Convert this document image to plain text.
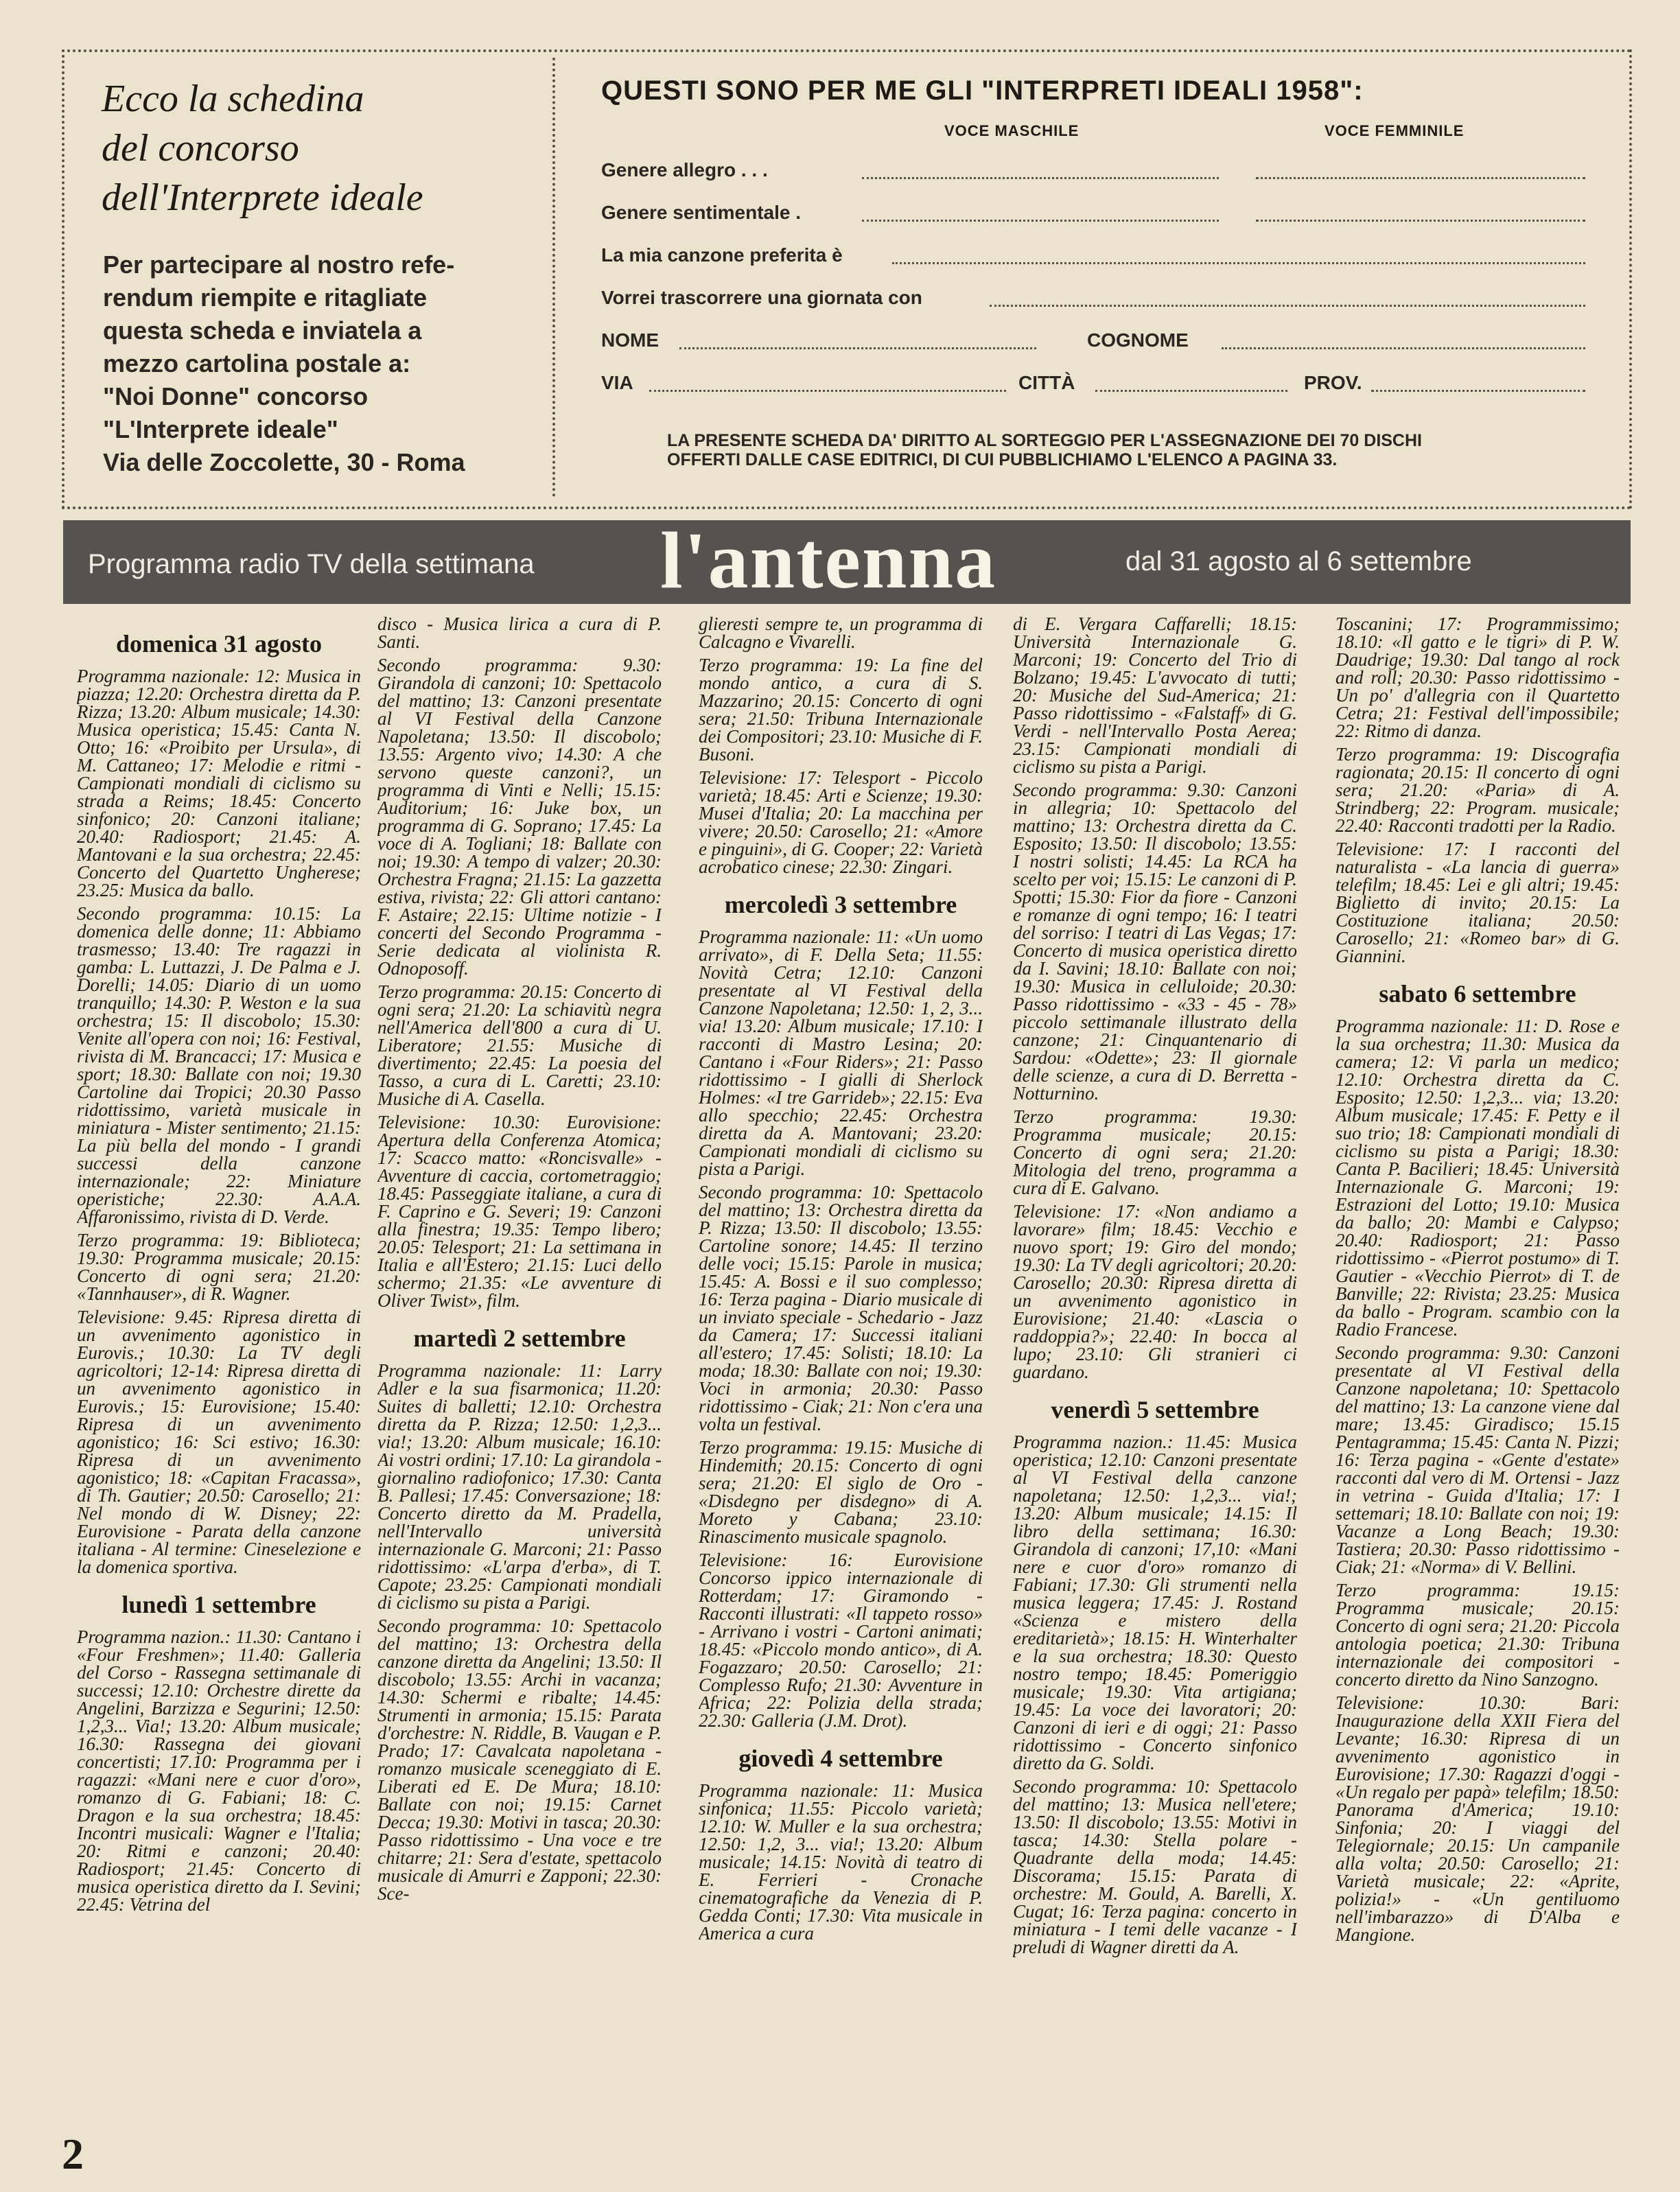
Ecco la schedina

del concorso

dell'Interprete ideale

Per partecipare al nostro refe-
rendum riempite e ritagliate
questa scheda e inviatela a
mezzo cartolina postale a:
"Noi Donne" concorso
"L'Interprete ideale"
Via delle Zoccolette, 30 - Roma
QUESTI SONO PER ME GLI "INTERPRETI IDEALI 1958":
VOCE MASCHILE	VOCE FEMMINILE
Genere allegro . . .
Genere sentimentale .
La mia canzone preferita è
Vorrei trascorrere una giornata con
NOME	COGNOME
VIA	CITTÀ	PROV.
LA PRESENTE SCHEDA DA' DIRITTO AL SORTEGGIO PER L'ASSEGNAZIONE DEI 70 DISCHI
OFFERTI DALLE CASE EDITRICI, DI CUI PUBBLICHIAMO L'ELENCO A PAGINA 33.
Programma radio TV della settimana l'antenna	dal 31 agosto al 6 settembre
domenica 31 agosto

Programma nazionale: 12: Musica in piazza; 12.20: Orchestra diretta da P. Rizza; 13.20: Album musicale; 14.30: Musica operistica; 15.45: Canta N. Otto; 16: «Proibito per Ursula», di M. Cattaneo; 17: Melodie e ritmi - Campionati mondiali di ciclismo su strada a Reims; 18.45: Concerto sinfonico; 20: Canzoni italiane; 20.40: Radiosport; 21.45: A. Mantovani e la sua orchestra; 22.45: Concerto del Quartetto Ungherese; 23.25: Musica da ballo.

Secondo programma: 10.15: La domenica delle donne; 11: Abbiamo trasmesso; 13.40: Tre ragazzi in gamba: L. Luttazzi, J. De Palma e J. Dorelli; 14.05: Diario di un uomo tranquillo; 14.30: P. Weston e la sua orchestra; 15: Il discobolo; 15.30: Venite all'opera con noi; 16: Festival, rivista di M. Brancacci; 17: Musica e sport; 18.30: Ballate con noi; 19.30 Cartoline dai Tropici; 20.30 Passo ridottissimo, varietà musicale in miniatura - Mister sentimento; 21.15: La più bella del mondo - I grandi successi della canzone internazionale; 22: Miniature operistiche; 22.30: A.A.A. Affaronissimo, rivista di D. Verde.

Terzo programma: 19: Biblioteca; 19.30: Programma musicale; 20.15: Concerto di ogni sera; 21.20: «Tannhauser», di R. Wagner.

Televisione: 9.45: Ripresa diretta di un avvenimento agonistico in Eurovis.; 10.30: La TV degli agricoltori; 12-14: Ripresa diretta di un avvenimento agonistico in Eurovis.; 15: Eurovisione; 15.40: Ripresa di un avvenimento agonistico; 16: Sci estivo; 16.30: Ripresa di un avvenimento agonistico; 18: «Capitan Fracassa», di Th. Gautier; 20.50: Carosello; 21: Nel mondo di W. Disney; 22: Eurovisione - Parata della canzone italiana - Al termine: Cineselezione e la domenica sportiva.

lunedì 1 settembre

Programma nazion.: 11.30: Cantano i «Four Freshmen»; 11.40: Galleria del Corso - Rassegna settimanale di successi; 12.10: Orchestre dirette da Angelini, Barzizza e Segurini; 12.50: 1,2,3... Via!; 13.20: Album musicale; 16.30: Rassegna dei giovani concertisti; 17.10: Programma per i ragazzi: «Mani nere e cuor d'oro», romanzo di G. Fabiani; 18: C. Dragon e la sua orchestra; 18.45: Incontri musicali: Wagner e l'Italia; 20: Ritmi e canzoni; 20.40: Radiosport; 21.45: Concerto di musica operistica diretto da I. Sevini; 22.45: Vetrina del

disco - Musica lirica a cura di P. Santi.

Secondo programma: 9.30: Girandola di canzoni; 10: Spettacolo del mattino; 13: Canzoni presentate al VI Festival della Canzone Napoletana; 13.50: Il discobolo; 13.55: Argento vivo; 14.30: A che servono queste canzoni?, un programma di Vinti e Nelli; 15.15: Auditorium; 16: Juke box, un programma di G. Soprano; 17.45: La voce di A. Togliani; 18: Ballate con noi; 19.30: A tempo di valzer; 20.30: Orchestra Fragna; 21.15: La gazzetta estiva, rivista; 22: Gli attori cantano: F. Astaire; 22.15: Ultime notizie - I concerti del Secondo Programma - Serie dedicata al violinista R. Odnoposoff.

Terzo programma: 20.15: Concerto di ogni sera; 21.20: La schiavitù negra nell'America dell'800 a cura di U. Liberatore; 21.55: Musiche di divertimento; 22.45: La poesia del Tasso, a cura di L. Caretti; 23.10: Musiche di A. Casella.

Televisione: 10.30: Eurovisione: Apertura della Conferenza Atomica; 17: Scacco matto: «Roncisvalle» - Avventure di caccia, cortometraggio; 18.45: Passeggiate italiane, a cura di F. Caprino e G. Severi; 19: Canzoni alla finestra; 19.35: Tempo libero; 20.05: Telesport; 21: La settimana in Italia e all'Estero; 21.15: Luci dello schermo; 21.35: «Le avventure di Oliver Twist», film.

martedì 2 settembre

Programma nazionale: 11: Larry Adler e la sua fisarmonica; 11.20: Suites di balletti; 12.10: Orchestra diretta da P. Rizza; 12.50: 1,2,3... via!; 13.20: Album musicale; 16.10: Ai vostri ordini; 17.10: La girandola - giornalino radiofonico; 17.30: Canta B. Pallesi; 17.45: Conversazione; 18: Concerto diretto da M. Pradella, nell'Intervallo università internazionale G. Marconi; 21: Passo ridottissimo: «L'arpa d'erba», di T. Capote; 23.25: Campionati mondiali di ciclismo su pista a Parigi.

Secondo programma: 10: Spettacolo del mattino; 13: Orchestra della canzone diretta da Angelini; 13.50: Il discobolo; 13.55: Archi in vacanza; 14.30: Schermi e ribalte; 14.45: Strumenti in armonia; 15.15: Parata d'orchestre: N. Riddle, B. Vaugan e P. Prado; 17: Cavalcata napoletana - romanzo musicale sceneggiato di E. Liberati ed E. De Mura; 18.10: Ballate con noi; 19.15: Carnet Decca; 19.30: Motivi in tasca; 20.30: Passo ridottissimo - Una voce e tre chitarre; 21: Sera d'estate, spettacolo musicale di Amurri e Zapponi; 22.30: Sce-

glieresti sempre te, un programma di Calcagno e Vivarelli.

Terzo programma: 19: La fine del mondo antico, a cura di S. Mazzarino; 20.15: Concerto di ogni sera; 21.50: Tribuna Internazionale dei Compositori; 23.10: Musiche di F. Busoni.

Televisione: 17: Telesport - Piccolo varietà; 18.45: Arti e Scienze; 19.30: Musei d'Italia; 20: La macchina per vivere; 20.50: Carosello; 21: «Amore e pinguini», di G. Cooper; 22: Varietà acrobatico cinese; 22.30: Zingari.

mercoledì 3 settembre

Programma nazionale: 11: «Un uomo arrivato», di F. Della Seta; 11.55: Novità Cetra; 12.10: Canzoni presentate al VI Festival della Canzone Napoletana; 12.50: 1, 2, 3... via! 13.20: Album musicale; 17.10: I racconti di Mastro Lesina; 20: Cantano i «Four Riders»; 21: Passo ridottissimo - I gialli di Sherlock Holmes: «I tre Garrideb»; 22.15: Eva allo specchio; 22.45: Orchestra diretta da A. Mantovani; 23.20: Campionati mondiali di ciclismo su pista a Parigi.

Secondo programma: 10: Spettacolo del mattino; 13: Orchestra diretta da P. Rizza; 13.50: Il discobolo; 13.55: Cartoline sonore; 14.45: Il terzino delle voci; 15.15: Parole in musica; 15.45: A. Bossi e il suo complesso; 16: Terza pagina - Diario musicale di un inviato speciale - Schedario - Jazz da Camera; 17: Successi italiani all'estero; 17.45: Solisti; 18.10: La moda; 18.30: Ballate con noi; 19.30: Voci in armonia; 20.30: Passo ridottissimo - Ciak; 21: Non c'era una volta un festival.

Terzo programma: 19.15: Musiche di Hindemith; 20.15: Concerto di ogni sera; 21.20: El siglo de Oro - «Disdegno per disdegno» di A. Moreto y Cabana; 23.10: Rinascimento musicale spagnolo.

Televisione: 16: Eurovisione Concorso ippico internazionale di Rotterdam; 17: Giramondo - Racconti illustrati: «Il tappeto rosso» - Arrivano i vostri - Cartoni animati; 18.45: «Piccolo mondo antico», di A. Fogazzaro; 20.50: Carosello; 21: Complesso Rufo; 21.30: Avventure in Africa; 22: Polizia della strada; 22.30: Galleria (J.M. Drot).

giovedì 4 settembre

Programma nazionale: 11: Musica sinfonica; 11.55: Piccolo varietà; 12.10: W. Muller e la sua orchestra; 12.50: 1,2, 3... via!; 13.20: Album musicale; 14.15: Novità di teatro di E. Ferrieri - Cronache cinematografiche da Venezia di P. Gedda Conti; 17.30: Vita musicale in America a cura

di E. Vergara Caffarelli; 18.15: Università Internazionale G. Marconi; 19: Concerto del Trio di Bolzano; 19.45: L'avvocato di tutti; 20: Musiche del Sud-America; 21: Passo ridottissimo - «Falstaff» di G. Verdi - nell'Intervallo Posta Aerea; 23.15: Campionati mondiali di ciclismo su pista a Parigi.

Secondo programma: 9.30: Canzoni in allegria; 10: Spettacolo del mattino; 13: Orchestra diretta da C. Esposito; 13.50: Il discobolo; 13.55: I nostri solisti; 14.45: La RCA ha scelto per voi; 15.15: Le canzoni di P. Spotti; 15.30: Fior da fiore - Canzoni e romanze di ogni tempo; 16: I teatri del sorriso: I teatri di Las Vegas; 17: Concerto di musica operistica diretto da I. Savini; 18.10: Ballate con noi; 19.30: Musica in celluloide; 20.30: Passo ridottissimo - «33 - 45 - 78» piccolo settimanale illustrato della canzone; 21: Cinquantenario di Sardou: «Odette»; 23: Il giornale delle scienze, a cura di D. Berretta - Notturnino.

Terzo programma: 19.30: Programma musicale; 20.15: Concerto di ogni sera; 21.20: Mitologia del treno, programma a cura di E. Galvano.

Televisione: 17: «Non andiamo a lavorare» film; 18.45: Vecchio e nuovo sport; 19: Giro del mondo; 19.30: La TV degli agricoltori; 20.20: Carosello; 20.30: Ripresa diretta di un avvenimento agonistico in Eurovisione; 21.40: «Lascia o raddoppia?»; 22.40: In bocca al lupo; 23.10: Gli stranieri ci guardano.

venerdì 5 settembre

Programma nazion.: 11.45: Musica operistica; 12.10: Canzoni presentate al VI Festival della canzone napoletana; 12.50: 1,2,3... via!; 13.20: Album musicale; 14.15: Il libro della settimana; 16.30: Girandola di canzoni; 17,10: «Mani nere e cuor d'oro» romanzo di Fabiani; 17.30: Gli strumenti nella musica leggera; 17.45: J. Rostand «Scienza e mistero della ereditarietà»; 18.15: H. Winterhalter e la sua orchestra; 18.30: Questo nostro tempo; 18.45: Pomeriggio musicale; 19.30: Vita artigiana; 19.45: La voce dei lavoratori; 20: Canzoni di ieri e di oggi; 21: Passo ridottissimo - Concerto sinfonico diretto da G. Soldi.

Secondo programma: 10: Spettacolo del mattino; 13: Musica nell'etere; 13.50: Il discobolo; 13.55: Motivi in tasca; 14.30: Stella polare - Quadrante della moda; 14.45: Discorama; 15.15: Parata di orchestre: M. Gould, A. Barelli, X. Cugat; 16: Terza pagina: concerto in miniatura - I temi delle vacanze - I preludi di Wagner diretti da A.

Toscanini; 17: Programmissimo; 18.10: «Il gatto e le tigri» di P. W. Daudrige; 19.30: Dal tango al rock and roll; 20.30: Passo ridottissimo - Un po' d'allegria con il Quartetto Cetra; 21: Festival dell'impossibile; 22: Ritmo di danza.

Terzo programma: 19: Discografia ragionata; 20.15: Il concerto di ogni sera; 21.20: «Paria» di A. Strindberg; 22: Program. musicale; 22.40: Racconti tradotti per la Radio.

Televisione: 17: I racconti del naturalista - «La lancia di guerra» telefilm; 18.45: Lei e gli altri; 19.45: Biglietto di invito; 20.15: La Costituzione italiana; 20.50: Carosello; 21: «Romeo bar» di G. Giannini.

sabato 6 settembre

Programma nazionale: 11: D. Rose e la sua orchestra; 11.30: Musica da camera; 12: Vi parla un medico; 12.10: Orchestra diretta da C. Esposito; 12.50: 1,2,3... via; 13.20: Album musicale; 17.45: F. Petty e il suo trio; 18: Campionati mondiali di ciclismo su pista a Parigi; 18.30: Canta P. Bacilieri; 18.45: Università Internazionale G. Marconi; 19: Estrazioni del Lotto; 19.10: Musica da ballo; 20: Mambi e Calypso; 20.40: Radiosport; 21: Passo ridottissimo - «Pierrot postumo» di T. Gautier - «Vecchio Pierrot» di T. de Banville; 22: Rivista; 23.25: Musica da ballo - Program. scambio con la Radio Francese.

Secondo programma: 9.30: Canzoni presentate al VI Festival della Canzone napoletana; 10: Spettacolo del mattino; 13: La canzone viene dal mare; 13.45: Giradisco; 15.15 Pentagramma; 15.45: Canta N. Pizzi; 16: Terza pagina - «Gente d'estate» racconti dal vero di M. Ortensi - Jazz in vetrina - Guida d'Italia; 17: I settemari; 18.10: Ballate con noi; 19: Vacanze a Long Beach; 19.30: Tastiera; 20.30: Passo ridottissimo - Ciak; 21: «Norma» di V. Bellini.

Terzo programma: 19.15: Programma musicale; 20.15: Concerto di ogni sera; 21.20: Piccola antologia poetica; 21.30: Tribuna internazionale dei compositori - concerto diretto da Nino Sanzogno.

Televisione: 10.30: Bari: Inaugurazione della XXII Fiera del Levante; 16.30: Ripresa di un avvenimento agonistico in Eurovisione; 17.30: Ragazzi d'oggi - «Un regalo per papà» telefilm; 18.50: Panorama d'America; 19.10: Sinfonia; 20: I viaggi del Telegiornale; 20.15: Un campanile alla volta; 20.50: Carosello; 21: Varietà musicale; 22: «Aprite, polizia!» - «Un gentiluomo nell'imbarazzo» di D'Alba e Mangione.

2
